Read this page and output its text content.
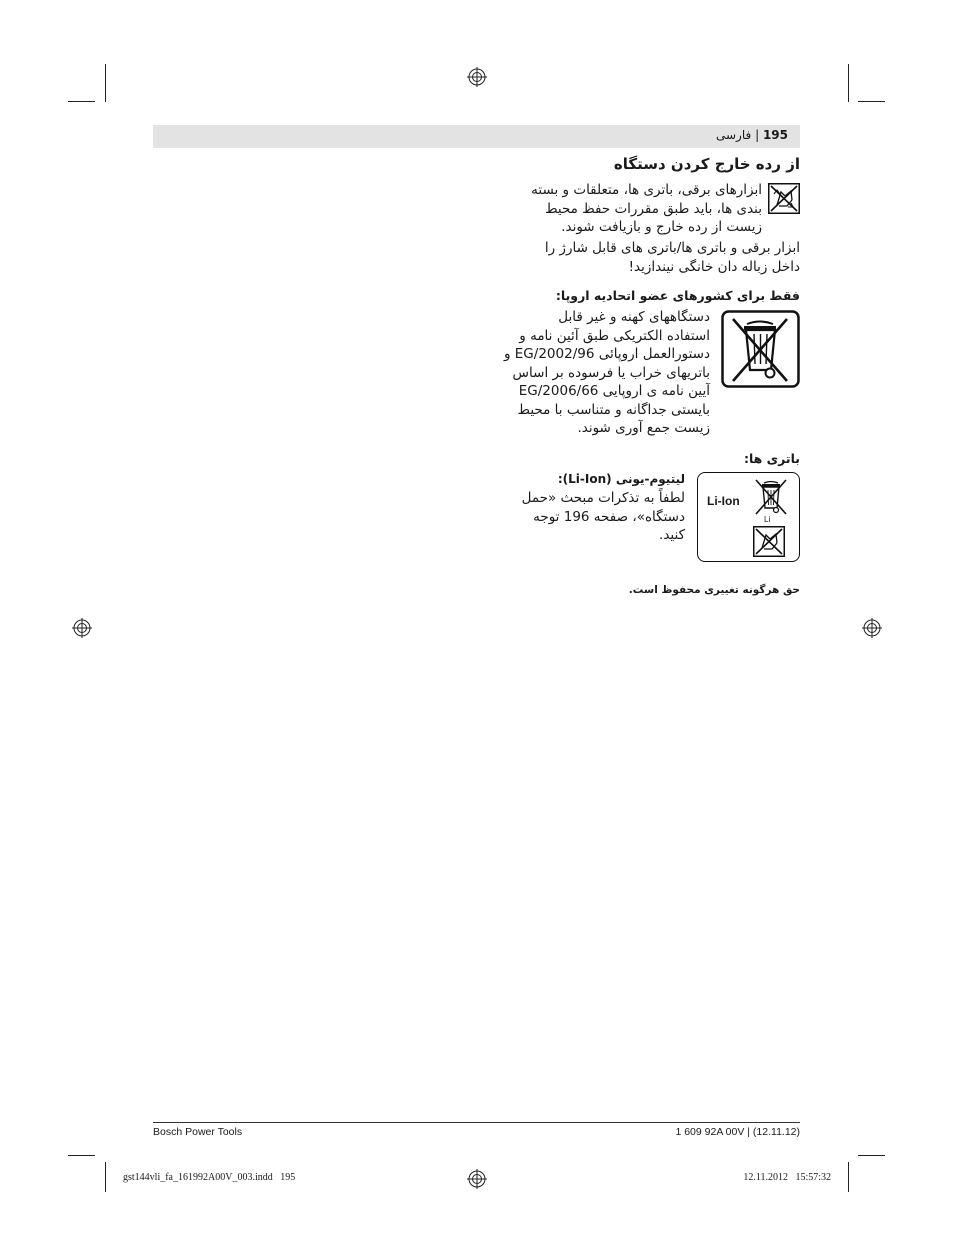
195 | فارسی
از رده خارج کردن دستگاه
ابزارهای برقی، باتری ها، متعلقات و بسته
بندی ها، باید طبق مقررات حفظ محیط
زیست از رده خارج و بازیافت شوند.
ابزار برقی و باتری ها/باتری های قابل شارژ را
داخل زباله دان خانگی نیندازید!
فقط برای کشورهای عضو اتحادیه اروپا:
دستگاههای کهنه و غیر قابل
استفاده الکتریکی طبق آئین نامه و
دستورالعمل اروپائی 2002/96/EG و
باتریهای خراب یا فرسوده بر اساس
آیین نامه ی اروپایی 2006/66/EG
بایستی جداگانه و متناسب با محیط
زیست جمع آوری شوند.
باتری ها:
لیتیوم-یونی (Li-Ion):
لطفاً به تذکرات مبحث «حمل
دستگاه»، صفحه 196 توجه
کنید.
Li-Ion
Li
حق هرگونه تغییری محفوظ است.
Bosch Power Tools	1 609 92A 00V | (12.11.12)
gst144vli_fa_161992A00V_003.indd   195	12.11.2012   15:57:32
